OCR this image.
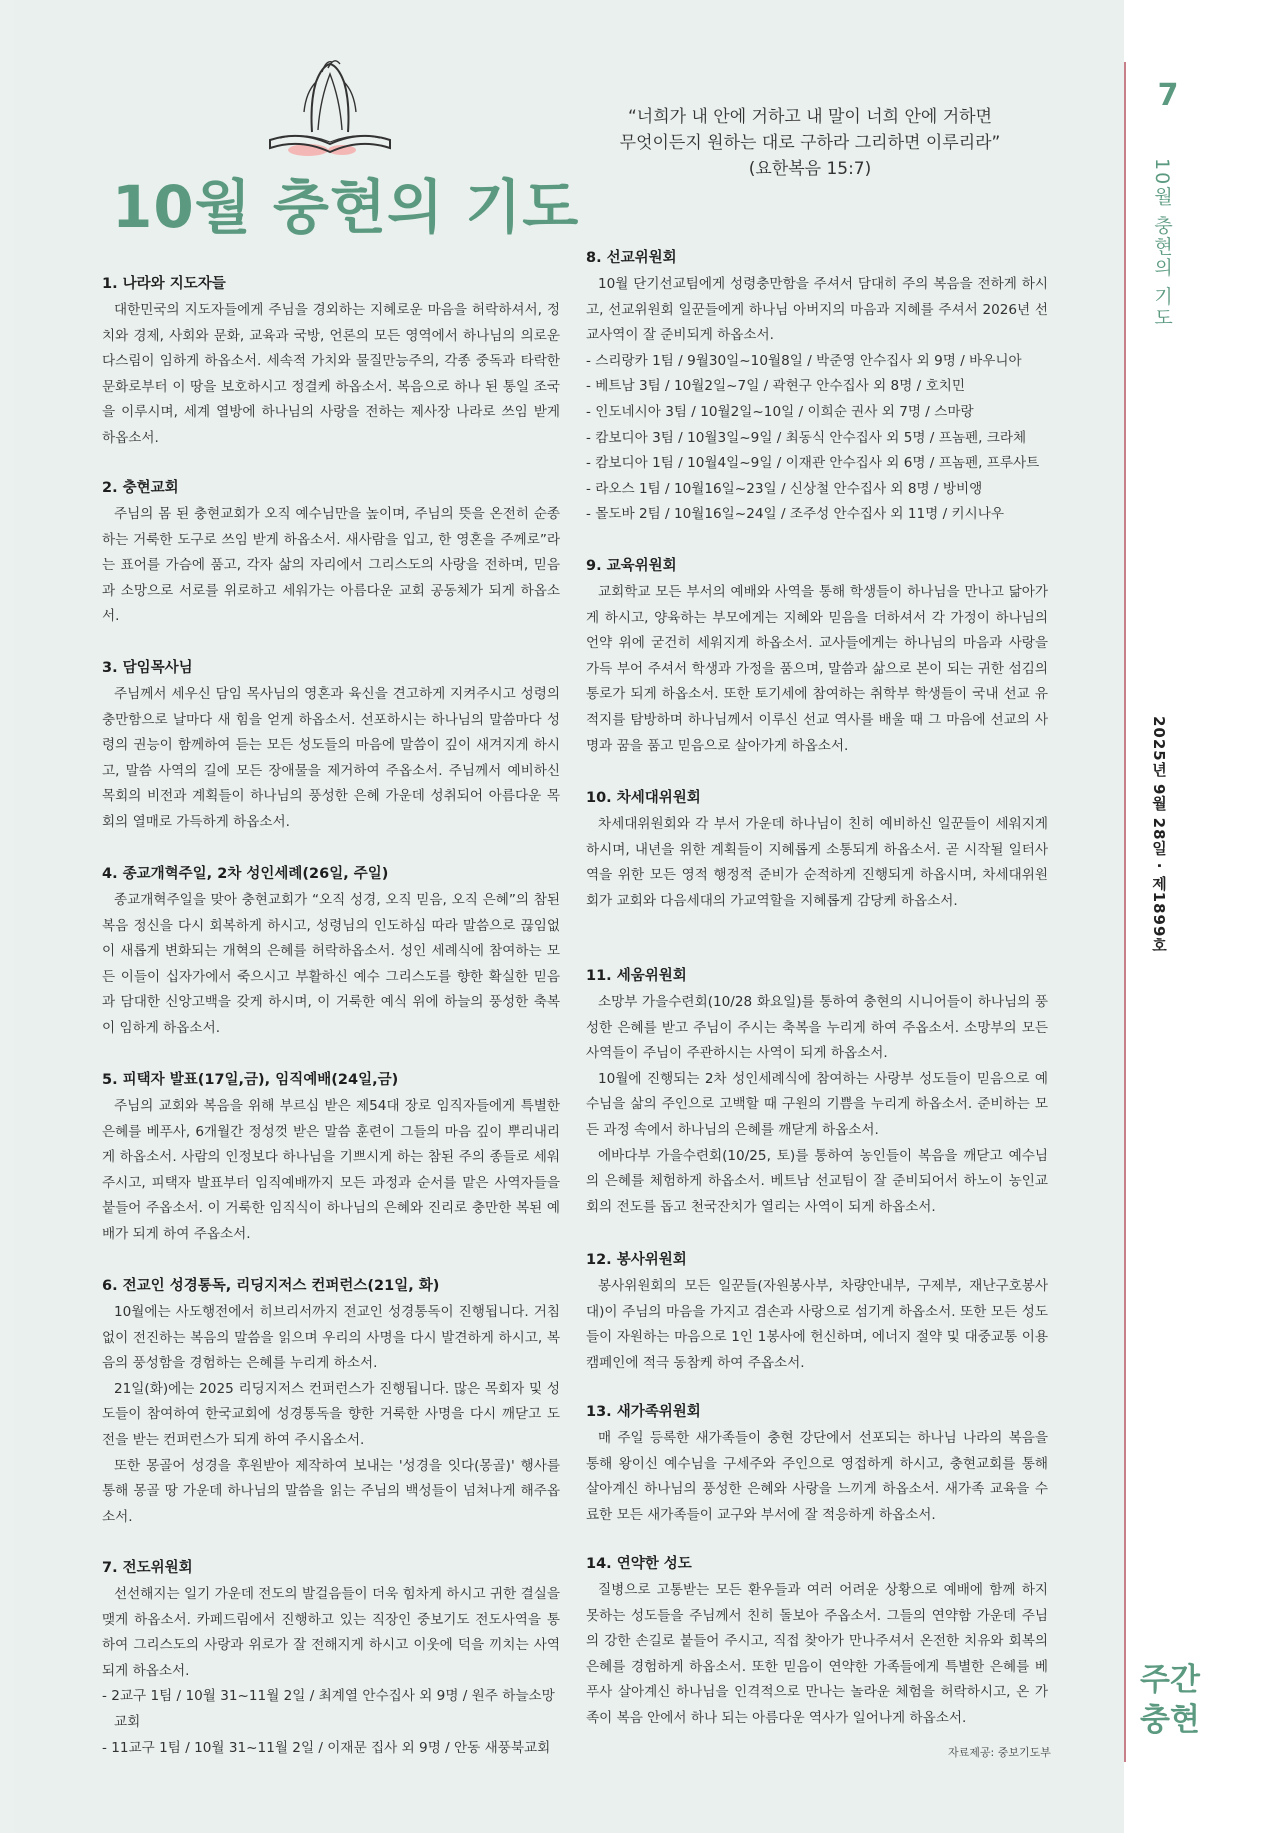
7
10월 충현의 기도
2025년 9월 28일 · 제1899호
주간
충현
10월 충현의 기도
“너희가 내 안에 거하고 내 말이 너희 안에 거하면
무엇이든지 원하는 대로 구하라 그리하면 이루리라”
(요한복음 15:7)
1. 나라와 지도자들

대한민국의 지도자들에게 주님을 경외하는 지혜로운 마음을 허락하셔서, 정치와 경제, 사회와 문화, 교육과 국방, 언론의 모든 영역에서 하나님의 의로운 다스림이 임하게 하옵소서. 세속적 가치와 물질만능주의, 각종 중독과 타락한 문화로부터 이 땅을 보호하시고 정결케 하옵소서. 복음으로 하나 된 통일 조국을 이루시며, 세계 열방에 하나님의 사랑을 전하는 제사장 나라로 쓰임 받게 하옵소서.

2. 충현교회

주님의 몸 된 충현교회가 오직 예수님만을 높이며, 주님의 뜻을 온전히 순종하는 거룩한 도구로 쓰임 받게 하옵소서. 새사람을 입고, 한 영혼을 주께로”라는 표어를 가슴에 품고, 각자 삶의 자리에서 그리스도의 사랑을 전하며, 믿음과 소망으로 서로를 위로하고 세워가는 아름다운 교회 공동체가 되게 하옵소서.

3. 담임목사님

주님께서 세우신 담임 목사님의 영혼과 육신을 견고하게 지켜주시고 성령의 충만함으로 날마다 새 힘을 얻게 하옵소서. 선포하시는 하나님의 말씀마다 성령의 권능이 함께하여 듣는 모든 성도들의 마음에 말씀이 깊이 새겨지게 하시고, 말씀 사역의 길에 모든 장애물을 제거하여 주옵소서. 주님께서 예비하신 목회의 비전과 계획들이 하나님의 풍성한 은혜 가운데 성취되어 아름다운 목회의 열매로 가득하게 하옵소서.

4. 종교개혁주일, 2차 성인세례(26일, 주일)

종교개혁주일을 맞아 충현교회가 “오직 성경, 오직 믿음, 오직 은혜”의 참된 복음 정신을 다시 회복하게 하시고, 성령님의 인도하심 따라 말씀으로 끊임없이 새롭게 변화되는 개혁의 은혜를 허락하옵소서. 성인 세례식에 참여하는 모든 이들이 십자가에서 죽으시고 부활하신 예수 그리스도를 향한 확실한 믿음과 담대한 신앙고백을 갖게 하시며, 이 거룩한 예식 위에 하늘의 풍성한 축복이 임하게 하옵소서.

5. 피택자 발표(17일,금), 임직예배(24일,금)

주님의 교회와 복음을 위해 부르심 받은 제54대 장로 임직자들에게 특별한 은혜를 베푸사, 6개월간 정성껏 받은 말씀 훈련이 그들의 마음 깊이 뿌리내리게 하옵소서. 사람의 인정보다 하나님을 기쁘시게 하는 참된 주의 종들로 세워주시고, 피택자 발표부터 임직예배까지 모든 과정과 순서를 맡은 사역자들을 붙들어 주옵소서. 이 거룩한 임직식이 하나님의 은혜와 진리로 충만한 복된 예배가 되게 하여 주옵소서.

6. 전교인 성경통독, 리딩지저스 컨퍼런스(21일, 화)

10월에는 사도행전에서 히브리서까지 전교인 성경통독이 진행됩니다. 거침없이 전진하는 복음의 말씀을 읽으며 우리의 사명을 다시 발견하게 하시고, 복음의 풍성함을 경험하는 은혜를 누리게 하소서.

21일(화)에는 2025 리딩지저스 컨퍼런스가 진행됩니다. 많은 목회자 및 성도들이 참여하여 한국교회에 성경통독을 향한 거룩한 사명을 다시 깨닫고 도전을 받는 컨퍼런스가 되게 하여 주시옵소서.

또한 몽골어 성경을 후원받아 제작하여 보내는 '성경을 잇다(몽골)' 행사를 통해 몽골 땅 가운데 하나님의 말씀을 읽는 주님의 백성들이 넘쳐나게 해주옵소서.

7. 전도위원회

선선해지는 일기 가운데 전도의 발걸음들이 더욱 힘차게 하시고 귀한 결실을 맺게 하옵소서. 카페드림에서 진행하고 있는 직장인 중보기도 전도사역을 통하여 그리스도의 사랑과 위로가 잘 전해지게 하시고 이웃에 덕을 끼치는 사역 되게 하옵소서.

- 2교구 1팀 / 10월 31~11월 2일 / 최계열 안수집사 외 9명 / 원주 하늘소망교회
- 11교구 1팀 / 10월 31~11월 2일 / 이재문 집사 외 9명 / 안동 새풍북교회
8. 선교위원회

10월 단기선교팀에게 성령충만함을 주셔서 담대히 주의 복음을 전하게 하시고, 선교위원회 일꾼들에게 하나님 아버지의 마음과 지혜를 주셔서 2026년 선교사역이 잘 준비되게 하옵소서.

- 스리랑카 1팀 / 9월30일~10월8일 / 박준영 안수집사 외 9명 / 바우니아
- 베트남 3팀 / 10월2일~7일 / 곽현구 안수집사 외 8명 / 호치민
- 인도네시아 3팀 / 10월2일~10일 / 이희순 권사 외 7명 / 스마랑
- 캄보디아 3팀 / 10월3일~9일 / 최동식 안수집사 외 5명 / 프놈펜, 크라체
- 캄보디아 1팀 / 10월4일~9일 / 이재관 안수집사 외 6명 / 프놈펜, 프루사트
- 라오스 1팀 / 10월16일~23일 / 신상철 안수집사 외 8명 / 방비앵
- 몰도바 2팀 / 10월16일~24일 / 조주성 안수집사 외 11명 / 키시나우
9. 교육위원회

교회학교 모든 부서의 예배와 사역을 통해 학생들이 하나님을 만나고 닮아가게 하시고, 양육하는 부모에게는 지혜와 믿음을 더하셔서 각 가정이 하나님의 언약 위에 굳건히 세워지게 하옵소서. 교사들에게는 하나님의 마음과 사랑을 가득 부어 주셔서 학생과 가정을 품으며, 말씀과 삶으로 본이 되는 귀한 섬김의 통로가 되게 하옵소서. 또한 토기세에 참여하는 취학부 학생들이 국내 선교 유적지를 탐방하며 하나님께서 이루신 선교 역사를 배울 때 그 마음에 선교의 사명과 꿈을 품고 믿음으로 살아가게 하옵소서.

10. 차세대위원회

차세대위원회와 각 부서 가운데 하나님이 친히 예비하신 일꾼들이 세워지게 하시며, 내년을 위한 계획들이 지혜롭게 소통되게 하옵소서. 곧 시작될 일터사역을 위한 모든 영적 행정적 준비가 순적하게 진행되게 하옵시며, 차세대위원회가 교회와 다음세대의 가교역할을 지혜롭게 감당케 하옵소서.

11. 세움위원회

소망부 가을수련회(10/28 화요일)를 통하여 충현의 시니어들이 하나님의 풍성한 은혜를 받고 주님이 주시는 축복을 누리게 하여 주옵소서. 소망부의 모든 사역들이 주님이 주관하시는 사역이 되게 하옵소서.

10월에 진행되는 2차 성인세례식에 참여하는 사랑부 성도들이 믿음으로 예수님을 삶의 주인으로 고백할 때 구원의 기쁨을 누리게 하옵소서. 준비하는 모든 과정 속에서 하나님의 은혜를 깨닫게 하옵소서.

에바다부 가을수련회(10/25, 토)를 통하여 농인들이 복음을 깨닫고 예수님의 은혜를 체험하게 하옵소서. 베트남 선교팀이 잘 준비되어서 하노이 농인교회의 전도를 돕고 천국잔치가 열리는 사역이 되게 하옵소서.

12. 봉사위원회

봉사위원회의 모든 일꾼들(자원봉사부, 차량안내부, 구제부, 재난구호봉사대)이 주님의 마음을 가지고 겸손과 사랑으로 섬기게 하옵소서. 또한 모든 성도들이 자원하는 마음으로 1인 1봉사에 헌신하며, 에너지 절약 및 대중교통 이용 캠페인에 적극 동참케 하여 주옵소서.

13. 새가족위원회

매 주일 등록한 새가족들이 충현 강단에서 선포되는 하나님 나라의 복음을 통해 왕이신 예수님을 구세주와 주인으로 영접하게 하시고, 충현교회를 통해 살아계신 하나님의 풍성한 은혜와 사랑을 느끼게 하옵소서. 새가족 교육을 수료한 모든 새가족들이 교구와 부서에 잘 적응하게 하옵소서.

14. 연약한 성도

질병으로 고통받는 모든 환우들과 여러 어려운 상황으로 예배에 함께 하지 못하는 성도들을 주님께서 친히 돌보아 주옵소서. 그들의 연약함 가운데 주님의 강한 손길로 붙들어 주시고, 직접 찾아가 만나주셔서 온전한 치유와 회복의 은혜를 경험하게 하옵소서. 또한 믿음이 연약한 가족들에게 특별한 은혜를 베푸사 살아계신 하나님을 인격적으로 만나는 놀라운 체험을 허락하시고, 온 가족이 복음 안에서 하나 되는 아름다운 역사가 일어나게 하옵소서.

자료제공: 중보기도부
